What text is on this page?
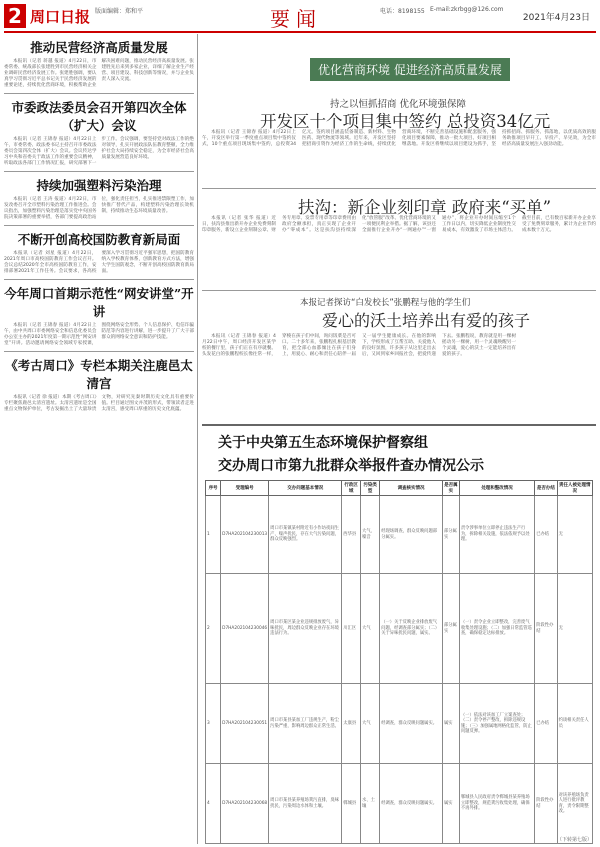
2 周口日报 版面编辑：郑和平	电话：8198155 E-mail:zkrbgg@126.com
要闻	2021年4月23日
推动民营经济高质量发展

本报讯（记者 蒋越 报道）4月22日，市委常委、统战部长张建胜到市民营经济相关企业调研民营经济发展工作。张建胜强调，要认真学习贯彻习近平总书记关于民营经济发展的重要论述，持续优化营商环境，积极帮助企业解决困难问题，推动民营经济高质量发展。张建胜先后来到多家企业，详细了解企业生产经营、项目建设、科技创新等情况，并与企业负责人深入交流。

市委政法委员会召开第四次全体（扩大）会议

本报讯（记者 王锦春 报道）4月22日上午，市委常委、政法委书记主持召开市委政法委员会第四次全体（扩大）会议。会议传达学习中央和省委关于政法工作的重要会议精神，听取政法各部门工作情况汇报，研究部署下一步工作。会议强调，要坚持党对政法工作的绝对领导，扎实开展政法队伍教育整顿，全力维护社会大局持续安全稳定，为全市经济社会高质量发展营造良好环境。

持续加强塑料污染治理

本报讯（记者 王涛 报道）4月22日，市发改委召开全市塑料污染治理工作推进会。会议指出，加强塑料污染治理是落实党中央国务院决策部署的重要举措，各部门要提高政治站位，强化责任担当，扎实推进禁限塑工作，加快推广替代产品，构建塑料污染治理长效机制，持续推动生态环境质量改善。

不断开创高校国防教育新局面

本报讯（记者 刘星 报道）4月22日，2021年周口市高校国防教育工作会议召开。会议总结2020年全市高校国防教育工作，安排部署2021年工作任务。会议要求，各高校要深入学习贯彻习近平强军思想，把国防教育纳入学校教育体系，创新教育方式方法，增强大学生国防观念，不断开创高校国防教育新局面。

今年周口首期示范性“网安讲堂”开讲

本报讯（记者 王锦春 报道）4月22日上午，由中共周口市委网络安全和信息化委员会办公室主办的2021年度第一期示范性“网安讲堂”开讲。活动邀请网络安全领域专家授课，围绕网络安全形势、个人信息保护、电信诈骗防范等内容进行讲解，进一步提升了广大干部群众的网络安全意识和防护技能。

《考古周口》专栏本期关注鹿邑太清宫

本报讯（记者 徐 报道）本期《考古周口》专栏聚焦鹿邑太清宫遗址。太清宫遗址是全国重点文物保护单位，考古发掘出土了大量珍贵文物，对研究先秦时期历史文化具有重要价值。栏目通过图文并茂的形式，带领读者走进太清宫，感受周口厚重的历史文化底蕴。

优化营商环境 促进经济高质量发展
持之以恒抓招商 优化环境强保障
开发区十个项目集中签约 总投资34亿元

本报讯（记者 王锦春 报道）4月22日上午，开发区举行第一季度重点项目集中签约仪式，10个重点项目现场集中签约，总投资34亿元。签约项目涵盖装备制造、新材料、生物医药、现代物流等领域。近年来，开发区坚持把招商引资作为经济工作的生命线，持续优化营商环境，不断完善基础设施和配套服务，强化项目要素保障，推动一批大项目、好项目相继落地。开发区将继续以项目建设为抓手，坚持抓招商、抓服务、抓落地，以优质高效的服务助推项目早开工、早投产、早见效，为全市经济高质量发展注入强劲动能。

扶沟：新企业刻印章 政府来“买单”

本报讯（记者 张华 报道）近日，扶沟县推出新开办企业免费刻制印章服务，新设立企业刻制公章、财务专用章、发票专用章等印章费用由政府全额承担，真正实现了企业开办“零成本”。这是扶沟县持续深化“放管服”改革、优化营商环境的又一项便民利企举措。据了解，该县还全面推行企业开办“一网通办”“一窗通办”，将企业开办时间压缩至1个工作日以内，切实降低企业制度性交易成本，有效激发了市场主体活力。截至目前，已有数百家新开办企业享受了免费刻章服务，累计为企业节约成本数十万元。

本报记者探访“白发校长”张鹏程与他的学生们
爱心的沃土培养出有爱的孩子

本报讯（记者 王锦春 报道）4月22日中午，周口经济开发区某学校的餐厅里，孩子们正在有序就餐。头发花白的张鹏程校长像往常一样，穿梭在孩子们中间，询问饭菜是否可口。二十多年来，张鹏程扎根基层教育，把全部心血都倾注在孩子们身上，用爱心、耐心和责任心陪伴一届又一届学生健康成长。在他的影响下，学校形成了互帮互助、关爱他人的良好氛围，许多孩子从这里走出去后，又回到家乡回报社会，把爱传递下去。张鹏程说，教育就是用一棵树摇动另一棵树，用一个灵魂唤醒另一个灵魂，爱心的沃土一定能培养出有爱的孩子。

关于中央第五生态环境保护督察组
交办周口市第九批群众举报件查办情况公示
序号	受理编号	交办问题基本情况	行政区域	污染类型	调查核实情况	是否属实	处理和整改情况	是否办结	责任人被处理情况
1	D7HA202104230013	周口市某镇某村附近有小作坊夜间生产，噪声扰民，存在大气污染问题，群众反映强烈。	西华县	大气、噪音	经现场调查，群众反映问题部分属实。	部分属实	责令涉事单位立即停止违法生产行为，拆除相关设施，依法依规予以处理。	已办结	无
2	D7HA202104230046	周口市某区某企业违规排放废气，异味扰民，周边群众反映企业存在环境违法行为。	川汇区	大气	（一）关于反映企业排放废气问题，经调查部分属实；（二）关于异味扰民问题，属实。	部分属实	（一）责令企业立即整改，完善废气收集处理设施；（二）加强日常监管巡查，确保稳定达标排放。	阶段性办结	无
3	D7HA202104230051	周口市某县某加工厂违规生产，粉尘污染严重，影响周边群众正常生活。	太康县	大气	经调查，群众反映问题属实。	属实	（一）依法对该加工厂立案查处；（二）责令停产整改，拆除违规设施；（三）加强属地网格化监管，防止问题反弹。	已办结	约谈相关责任人员
4	D7HA202104230068	周口市某县某养殖场粪污直排，臭味扰民，污染周边水体和土壤。	郸城县	水、土壤	经调查，群众反映问题属实。	属实	郸城县人民政府责令郸城县某养殖场立即整改，规范粪污收集处理，确保不再外排。	阶段性办结	对该养殖场负责人进行批评教育，责令限期整改。
（下转第七版）
